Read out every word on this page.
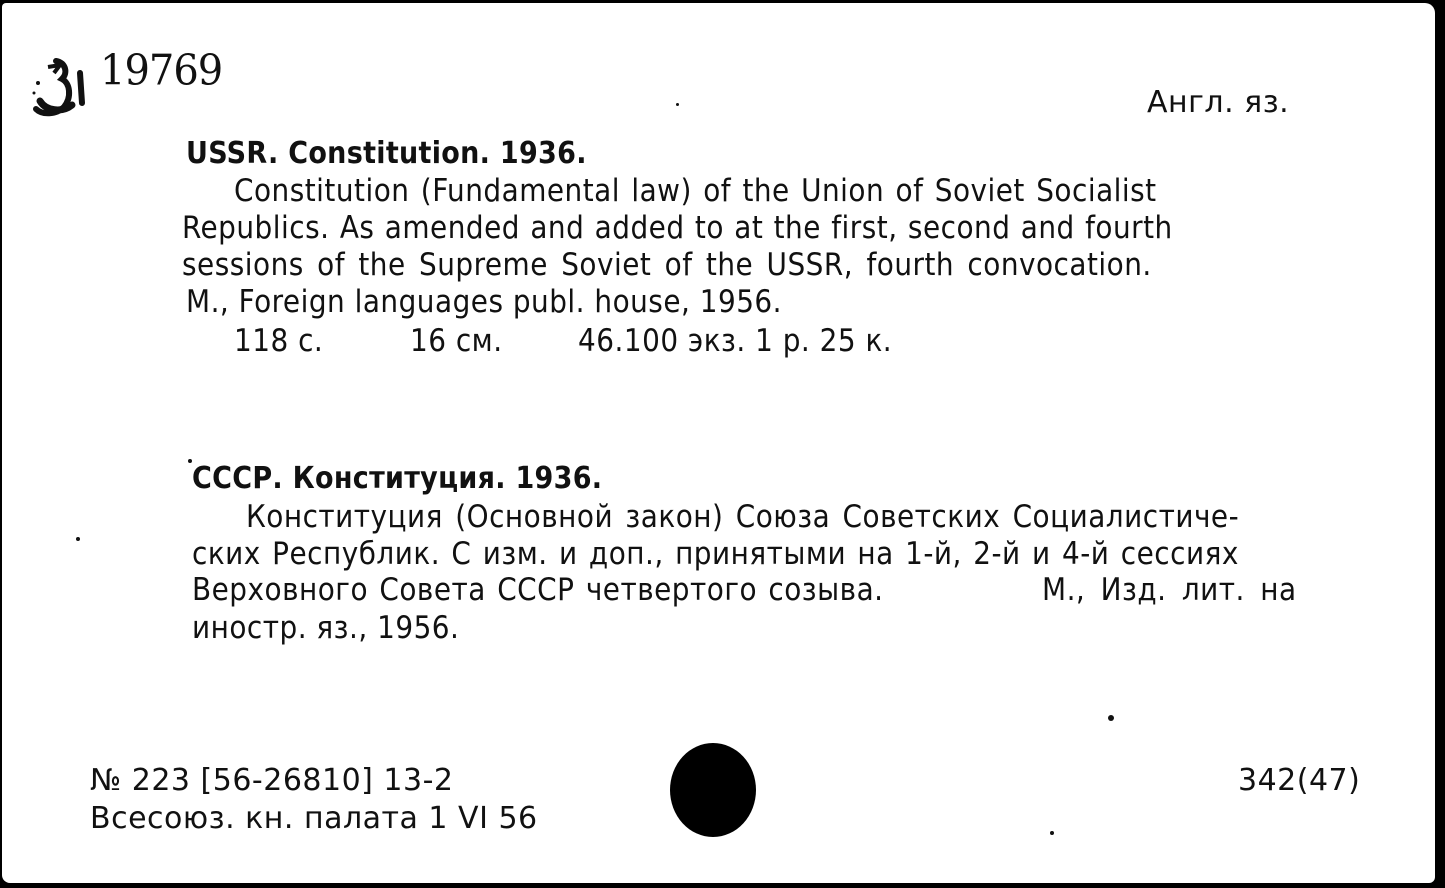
19769
Англ. яз.
USSR. Constitution. 1936.
Constitution (Fundamental law) of the Union of Soviet Socialist
Republics. As amended and added to at the first, second and fourth
sessions of the Supreme Soviet of the USSR, fourth convocation.
M., Foreign languages publ. house, 1956.
118 с.	16 см. 46.100 экз. 1 р. 25 к.
СССР. Конституция. 1936.
Конституция (Основной закон) Союза Советских Социалистиче-
ских Республик. С изм. и доп., принятыми на 1-й, 2-й и 4-й сессиях
Верховного Совета СССР четвертого созыва.	М., Изд. лит. на
иностр. яз., 1956.
№ 223 [56-26810] 13-2
Всесоюз. кн. палата 1 VI 56
342(47)
